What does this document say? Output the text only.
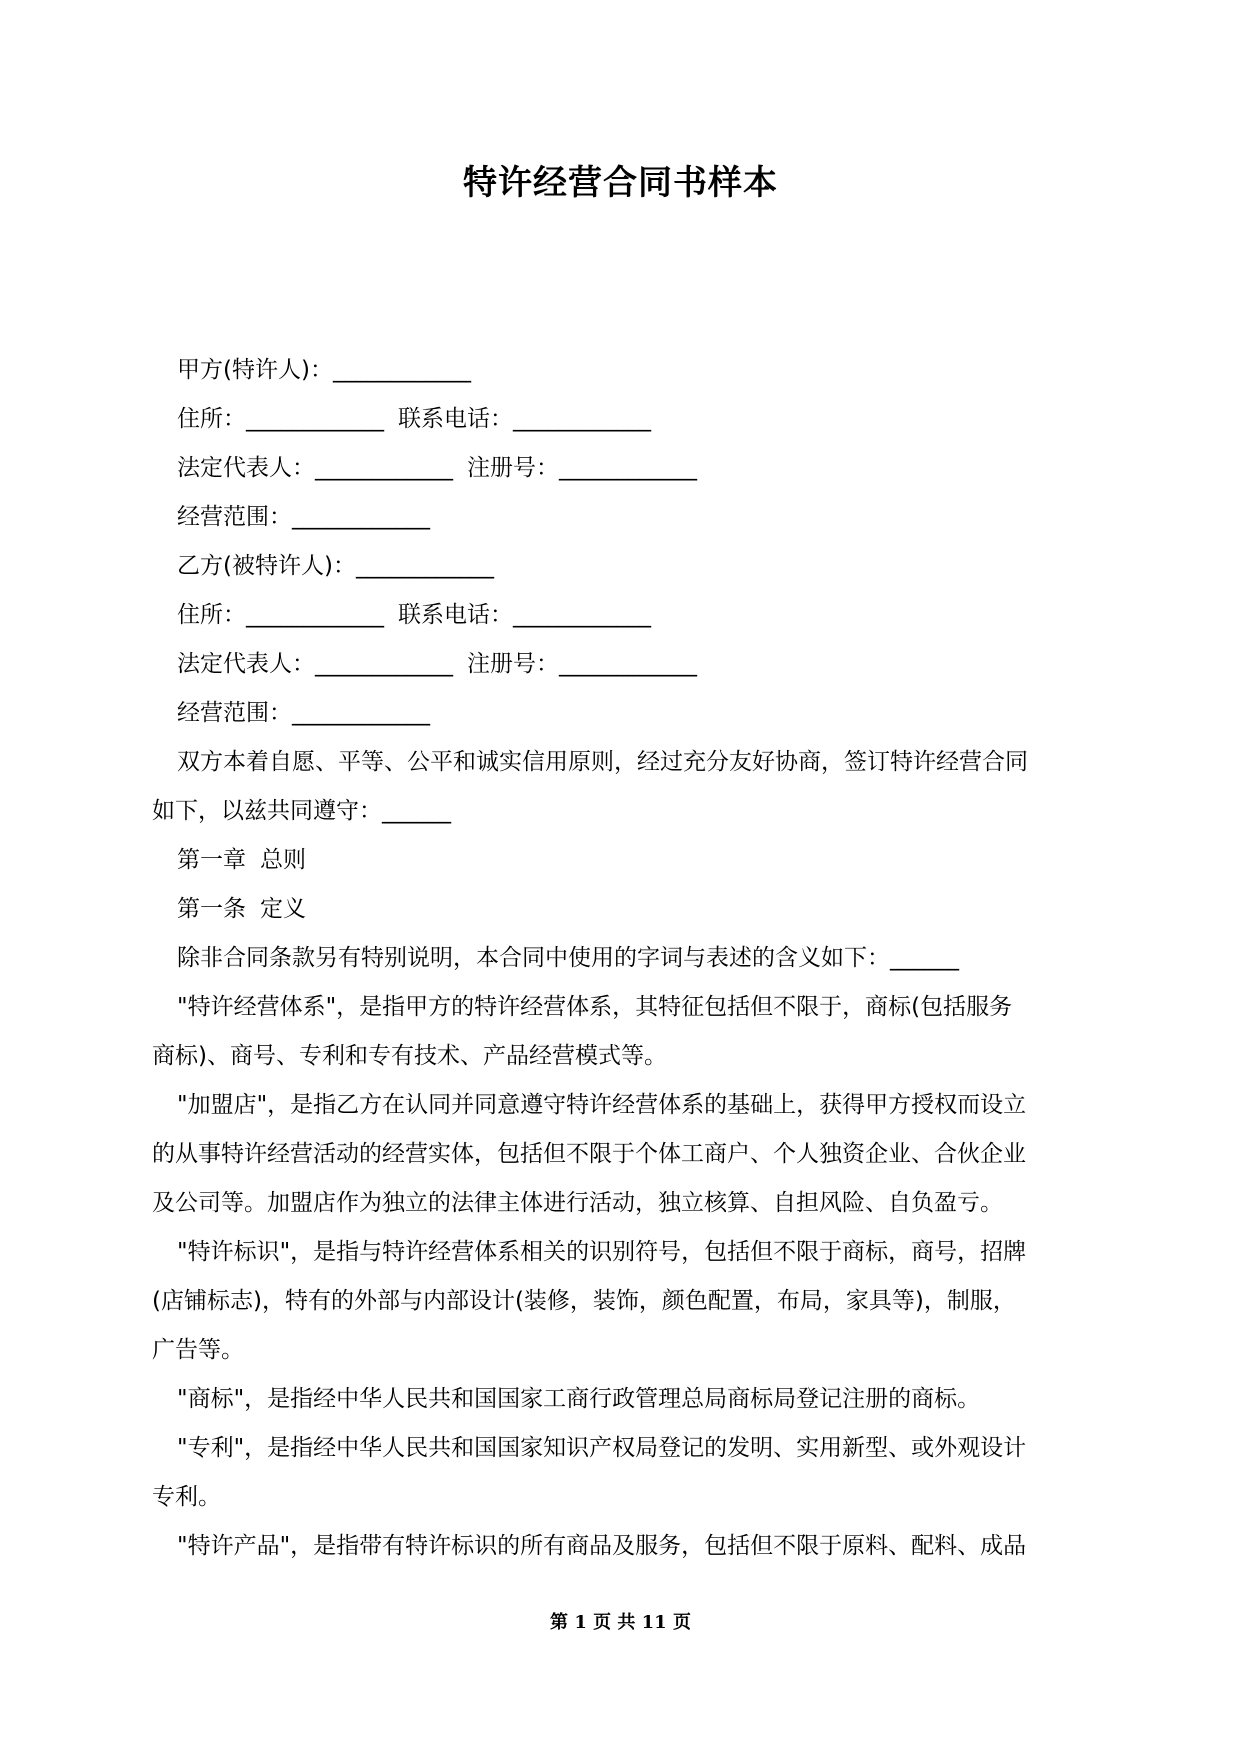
特许经营合同书样本
甲方(特许人)：____________
住所：____________ 联系电话：____________
法定代表人：____________ 注册号：____________
经营范围：____________
乙方(被特许人)：____________
住所：____________ 联系电话：____________
法定代表人：____________ 注册号：____________
经营范围：____________
双方本着自愿、平等、公平和诚实信用原则，经过充分友好协商，签订特许经营合同
如下，以兹共同遵守：______
第一章 总则
第一条 定义
除非合同条款另有特别说明，本合同中使用的字词与表述的含义如下：______
"特许经营体系"，是指甲方的特许经营体系，其特征包括但不限于，商标(包括服务
商标)、商号、专利和专有技术、产品经营模式等。
"加盟店"，是指乙方在认同并同意遵守特许经营体系的基础上，获得甲方授权而设立
的从事特许经营活动的经营实体，包括但不限于个体工商户、个人独资企业、合伙企业
及公司等。加盟店作为独立的法律主体进行活动，独立核算、自担风险、自负盈亏。
"特许标识"，是指与特许经营体系相关的识别符号，包括但不限于商标，商号，招牌
(店铺标志)，特有的外部与内部设计(装修，装饰，颜色配置，布局，家具等)，制服，
广告等。
"商标"，是指经中华人民共和国国家工商行政管理总局商标局登记注册的商标。
"专利"，是指经中华人民共和国国家知识产权局登记的发明、实用新型、或外观设计
专利。
"特许产品"，是指带有特许标识的所有商品及服务，包括但不限于原料、配料、成品
第 1 页 共 11 页
